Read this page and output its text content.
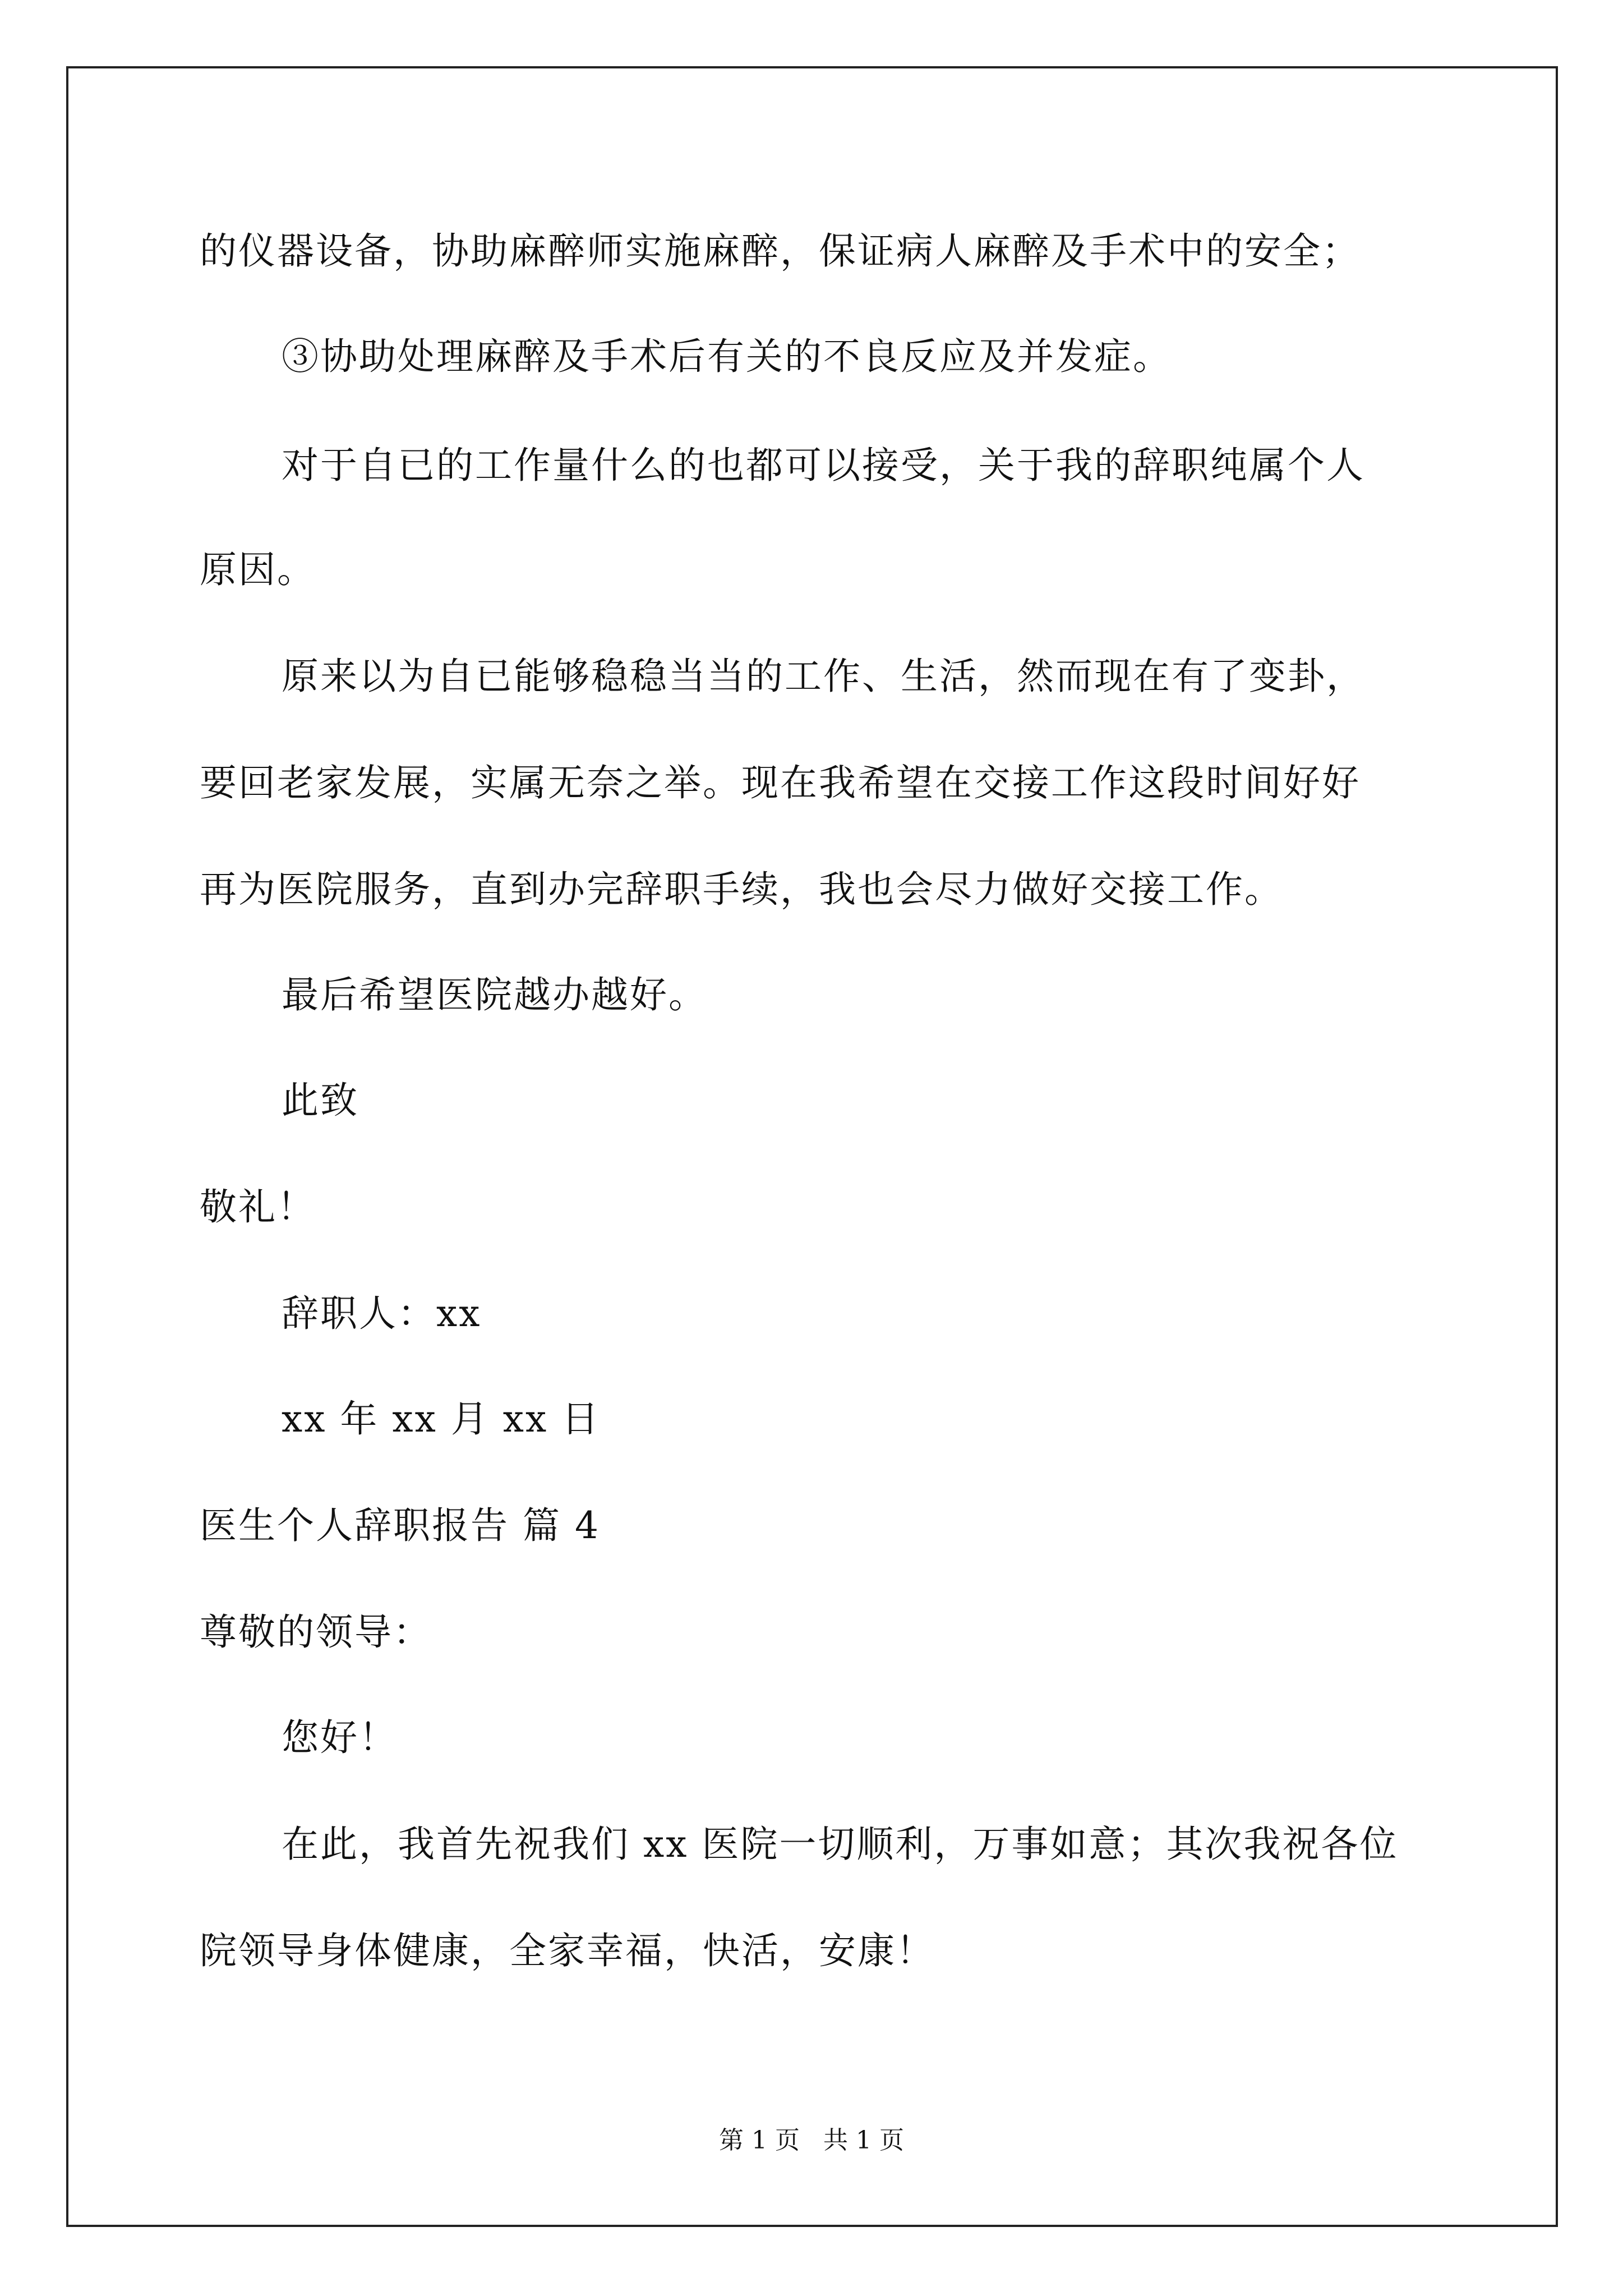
的仪器设备，协助麻醉师实施麻醉，保证病人麻醉及手术中的安全；
③协助处理麻醉及手术后有关的不良反应及并发症。
对于自已的工作量什么的也都可以接受，关于我的辞职纯属个人
原因。
原来以为自已能够稳稳当当的工作、生活，然而现在有了变卦，
要回老家发展，实属无奈之举。现在我希望在交接工作这段时间好好
再为医院服务，直到办完辞职手续，我也会尽力做好交接工作。
最后希望医院越办越好。
此致
敬礼！
辞职人：xx
xx 年 xx 月 xx 日
医生个人辞职报告 篇 4
尊敬的领导：
您好！
在此，我首先祝我们 xx 医院一切顺利，万事如意；其次我祝各位
院领导身体健康，全家幸福，快活，安康！
第 1 页   共 1 页
